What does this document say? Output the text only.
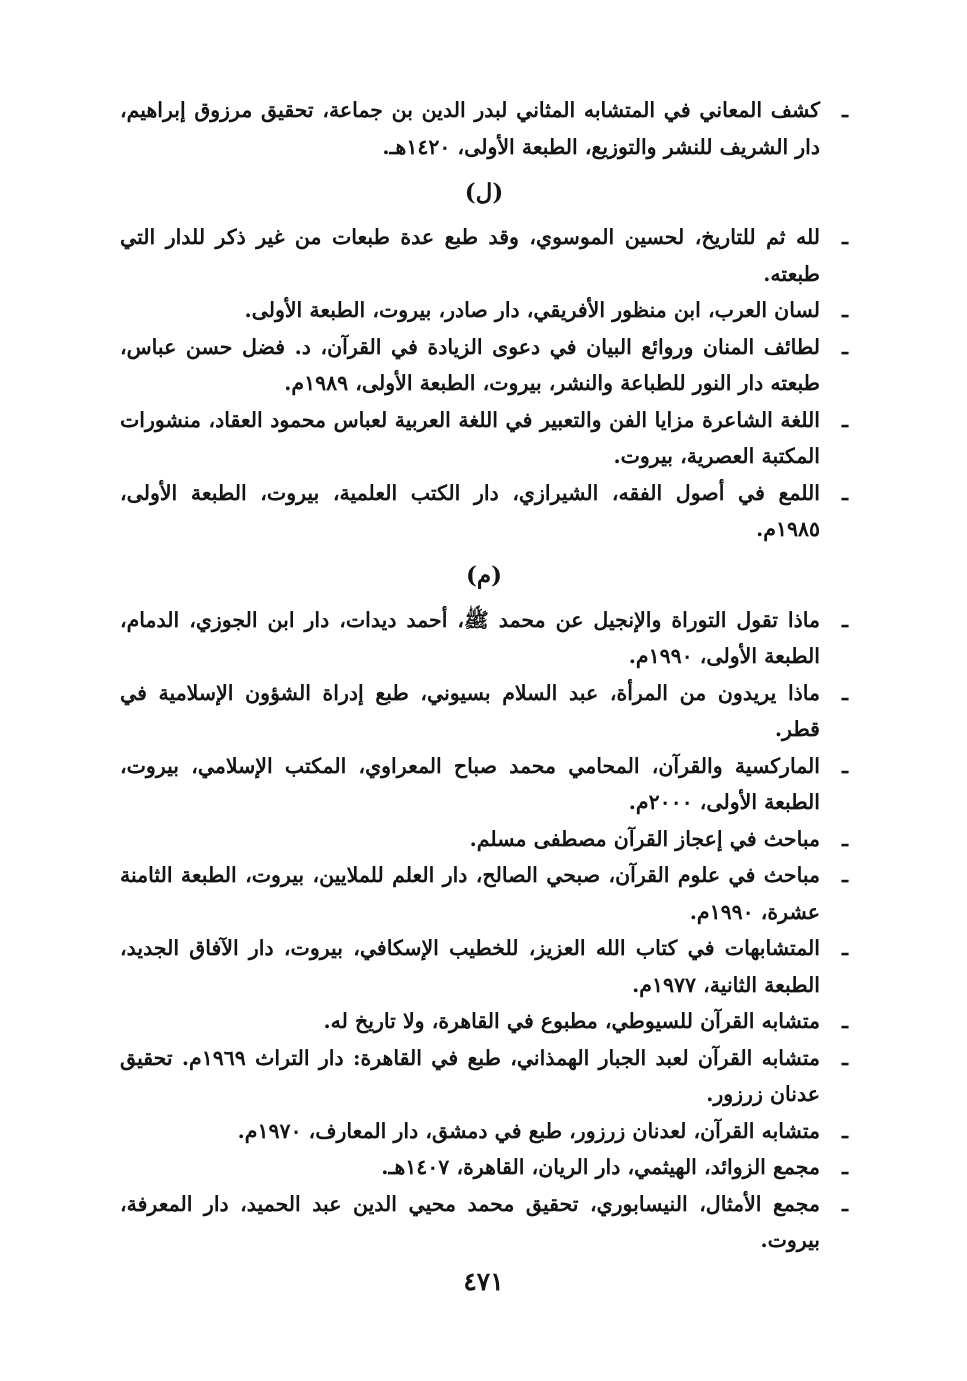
ـ
كشف المعاني في المتشابه المثاني لبدر الدين بن جماعة، تحقيق مرزوق إبراهيم، دار الشريف للنشر والتوزيع، الطبعة الأولى، ١٤٢٠هـ.
(ل)
ـ
لله ثم للتاريخ، لحسين الموسوي، وقد طبع عدة طبعات من غير ذكر للدار التي طبعته.
ـ
لسان العرب، ابن منظور الأفريقي، دار صادر، بيروت، الطبعة الأولى.
ـ
لطائف المنان وروائع البيان في دعوى الزيادة في القرآن، د. فضل حسن عباس، طبعته دار النور للطباعة والنشر، بيروت، الطبعة الأولى، ١٩٨٩م.
ـ
اللغة الشاعرة مزايا الفن والتعبير في اللغة العربية لعباس محمود العقاد، منشورات المكتبة العصرية، بيروت.
ـ
اللمع في أصول الفقه، الشيرازي، دار الكتب العلمية، بيروت، الطبعة الأولى، ١٩٨٥م.
(م)
ـ
ماذا تقول التوراة والإنجيل عن محمد ﷺ، أحمد ديدات، دار ابن الجوزي، الدمام، الطبعة الأولى، ١٩٩٠م.
ـ
ماذا يريدون من المرأة، عبد السلام بسيوني، طبع إدراة الشؤون الإسلامية في قطر.
ـ
الماركسية والقرآن، المحامي محمد صباح المعراوي، المكتب الإسلامي، بيروت، الطبعة الأولى، ٢٠٠٠م.
ـ
مباحث في إعجاز القرآن مصطفى مسلم.
ـ
مباحث في علوم القرآن، صبحي الصالح، دار العلم للملايين، بيروت، الطبعة الثامنة عشرة، ١٩٩٠م.
ـ
المتشابهات في كتاب الله العزيز، للخطيب الإسكافي، بيروت، دار الآفاق الجديد، الطبعة الثانية، ١٩٧٧م.
ـ
متشابه القرآن للسيوطي، مطبوع في القاهرة، ولا تاريخ له.
ـ
متشابه القرآن لعبد الجبار الهمذاني، طبع في القاهرة: دار التراث ١٩٦٩م. تحقيق عدنان زرزور.
ـ
متشابه القرآن، لعدنان زرزور، طبع في دمشق، دار المعارف، ١٩٧٠م.
ـ
مجمع الزوائد، الهيثمي، دار الريان، القاهرة، ١٤٠٧هـ.
ـ
مجمع الأمثال، النيسابوري، تحقيق محمد محيي الدين عبد الحميد، دار المعرفة، بيروت.
٤٧١
